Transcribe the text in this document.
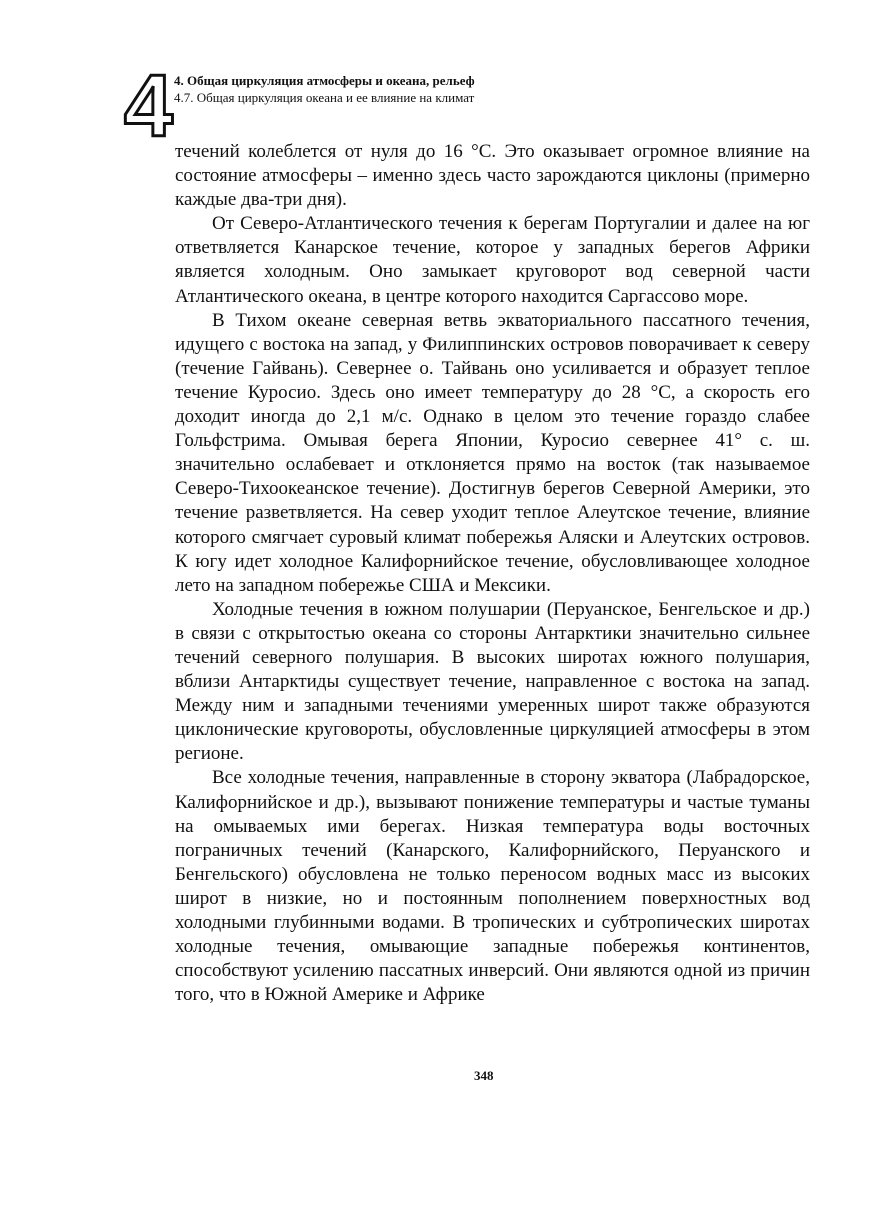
4 4. Общая циркуляция атмосферы и океана, рельеф
4.7. Общая циркуляция океана и ее влияние на климат

течений колеблется от нуля до 16 °С. Это оказывает огромное влияние на состояние атмосферы – именно здесь часто зарождаются циклоны (примерно каждые два-три дня).

От Северо-Атлантического течения к берегам Португалии и далее на юг ответвляется Канарское течение, которое у западных берегов Африки является холодным. Оно замыкает круговорот вод северной части Атлантического океана, в центре которого находится Саргассово море.

В Тихом океане северная ветвь экваториального пассатного течения, идущего с востока на запад, у Филиппинских островов поворачивает к северу (течение Гайвань). Севернее о. Тайвань оно усиливается и образует теплое течение Куросио. Здесь оно имеет температуру до 28 °С, а скорость его доходит иногда до 2,1 м/с. Однако в целом это течение гораздо слабее Гольфстрима. Омывая берега Японии, Куросио севернее 41° с. ш. значительно ослабевает и отклоняется прямо на восток (так называемое Северо-Тихоокеанское течение). Достигнув берегов Северной Америки, это течение разветвляется. На север уходит теплое Алеутское течение, влияние которого смягчает суровый климат побережья Аляски и Алеутских островов. К югу идет холодное Калифорнийское течение, обусловливающее холодное лето на западном побережье США и Мексики.

Холодные течения в южном полушарии (Перуанское, Бенгельское и др.) в связи с открытостью океана со стороны Антарктики значительно сильнее течений северного полушария. В высоких широтах южного полушария, вблизи Антарктиды существует течение, направленное с востока на запад. Между ним и западными течениями умеренных широт также образуются циклонические круговороты, обусловленные циркуляцией атмосферы в этом регионе.

Все холодные течения, направленные в сторону экватора (Лабрадорское, Калифорнийское и др.), вызывают понижение температуры и частые туманы на омываемых ими берегах. Низкая температура воды восточных пограничных течений (Канарского, Калифорнийского, Перуанского и Бенгельского) обусловлена не только переносом водных масс из высоких широт в низкие, но и постоянным пополнением поверхностных вод холодными глубинными водами. В тропических и субтропических широтах холодные течения, омывающие западные побережья континентов, способствуют усилению пассатных инверсий. Они являются одной из причин того, что в Южной Америке и Африке

348
